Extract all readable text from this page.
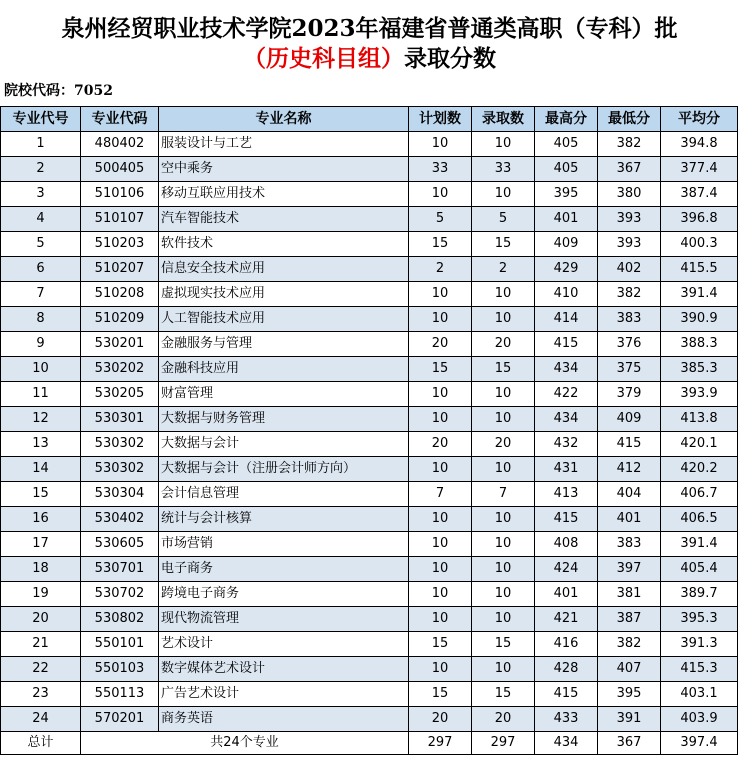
泉州经贸职业技术学院2023年福建省普通类高职（专科）批
（历史科目组）录取分数
院校代码：7052
专业代号	专业代码	专业名称	计划数	录取数	最高分	最低分	平均分
1	480402	服装设计与工艺	10	10	405	382	394.8
2	500405	空中乘务	33	33	405	367	377.4
3	510106	移动互联应用技术	10	10	395	380	387.4
4	510107	汽车智能技术	5	5	401	393	396.8
5	510203	软件技术	15	15	409	393	400.3
6	510207	信息安全技术应用	2	2	429	402	415.5
7	510208	虚拟现实技术应用	10	10	410	382	391.4
8	510209	人工智能技术应用	10	10	414	383	390.9
9	530201	金融服务与管理	20	20	415	376	388.3
10	530202	金融科技应用	15	15	434	375	385.3
11	530205	财富管理	10	10	422	379	393.9
12	530301	大数据与财务管理	10	10	434	409	413.8
13	530302	大数据与会计	20	20	432	415	420.1
14	530302	大数据与会计（注册会计师方向）	10	10	431	412	420.2
15	530304	会计信息管理	7	7	413	404	406.7
16	530402	统计与会计核算	10	10	415	401	406.5
17	530605	市场营销	10	10	408	383	391.4
18	530701	电子商务	10	10	424	397	405.4
19	530702	跨境电子商务	10	10	401	381	389.7
20	530802	现代物流管理	10	10	421	387	395.3
21	550101	艺术设计	15	15	416	382	391.3
22	550103	数字媒体艺术设计	10	10	428	407	415.3
23	550113	广告艺术设计	15	15	415	395	403.1
24	570201	商务英语	20	20	433	391	403.9
总计	共24个专业		297	297	434	367	397.4
